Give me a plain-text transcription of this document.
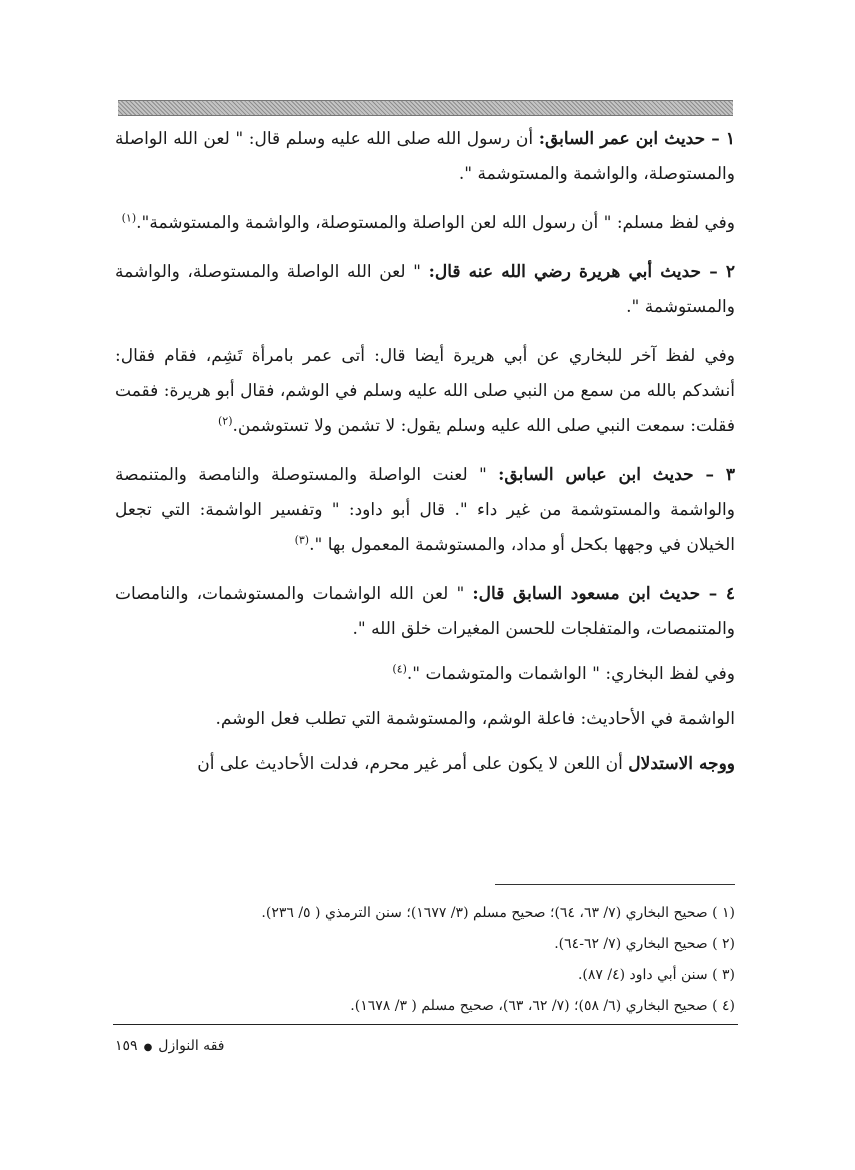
١ – حديث ابن عمر السابق: أن رسول الله صلى الله عليه وسلم قال: " لعن الله الواصلة والمستوصلة، والواشمة والمستوشمة ".

وفي لفظ مسلم: " أن رسول الله لعن الواصلة والمستوصلة، والواشمة والمستوشمة".$^{(١)}$

٢ – حديث أبي هريرة رضي الله عنه قال: " لعن الله الواصلة والمستوصلة، والواشمة والمستوشمة ".

وفي لفظ آخر للبخاري عن أبي هريرة أيضا قال: أتى عمر بامرأة تَشِم، فقام فقال: أنشدكم بالله من سمع من النبي صلى الله عليه وسلم في الوشم، فقال أبو هريرة: فقمت فقلت: سمعت النبي صلى الله عليه وسلم يقول: لا تشمن ولا تستوشمن.$^{(٢)}$

٣ – حديث ابن عباس السابق: " لعنت الواصلة والمستوصلة والنامصة والمتنمصة والواشمة والمستوشمة من غير داء ". قال أبو داود: " وتفسير الواشمة: التي تجعل الخيلان في وجهها بكحل أو مداد، والمستوشمة المعمول بها ".$^{(٣)}$

٤ – حديث ابن مسعود السابق قال: " لعن الله الواشمات والمستوشمات، والنامصات والمتنمصات، والمتفلجات للحسن المغيرات خلق الله ".

وفي لفظ البخاري: " الواشمات والمتوشمات ".$^{(٤)}$

الواشمة في الأحاديث: فاعلة الوشم، والمستوشمة التي تطلب فعل الوشم.

ووجه الاستدلال أن اللعن لا يكون على أمر غير محرم، فدلت الأحاديث على أن

(١ ) صحيح البخاري (٧/ ٦٣، ٦٤)؛ صحيح مسلم (٣/ ١٦٧٧)؛ سنن الترمذي ( ٥/ ٢٣٦).
(٢ ) صحيح البخاري (٧/ ٦٢-٦٤).
(٣ ) سنن أبي داود (٤/ ٨٧).
(٤ ) صحيح البخاري (٦/ ٥٨)؛ (٧/ ٦٢، ٦٣)، صحيح مسلم ( ٣/ ١٦٧٨).
فقه النوازل●١٥٩
